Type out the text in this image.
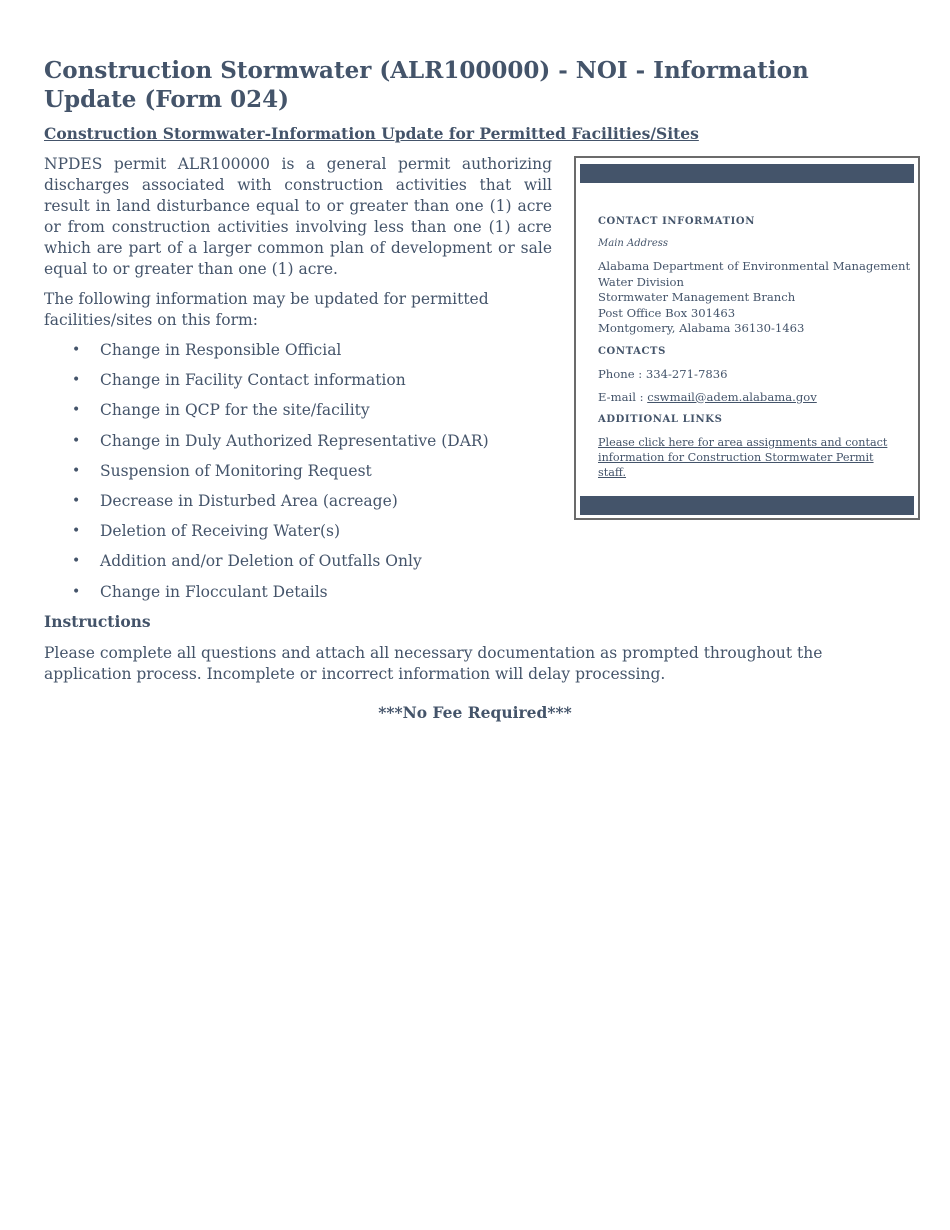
Construction Stormwater (ALR100000) - NOI - Information Update (Form 024)

Construction Stormwater-Information Update for Permitted Facilities/Sites

NPDES permit ALR100000 is a general permit authorizing discharges associated with construction activities that will result in land disturbance equal to or greater than one (1) acre or from construction activities involving less than one (1) acre which are part of a larger common plan of development or sale equal to or greater than one (1) acre.

The following information may be updated for permitted facilities/sites on this form:

• Change in Responsible Official
• Change in Facility Contact information
• Change in QCP for the site/facility
• Change in Duly Authorized Representative (DAR)
• Suspension of Monitoring Request
• Decrease in Disturbed Area (acreage)
• Deletion of Receiving Water(s)
• Addition and/or Deletion of Outfalls Only
• Change in Flocculant Details

Instructions

Please complete all questions and attach all necessary documentation as prompted throughout the application process. Incomplete or incorrect information will delay processing.

***No Fee Required***

CONTACT INFORMATION

Main Address

Alabama Department of Environmental Management
Water Division
Stormwater Management Branch
Post Office Box 301463
Montgomery, Alabama 36130-1463

CONTACTS

Phone : 334-271-7836

E-mail : cswmail@adem.alabama.gov

ADDITIONAL LINKS

Please click here for area assignments and contact information for Construction Stormwater Permit staff.
